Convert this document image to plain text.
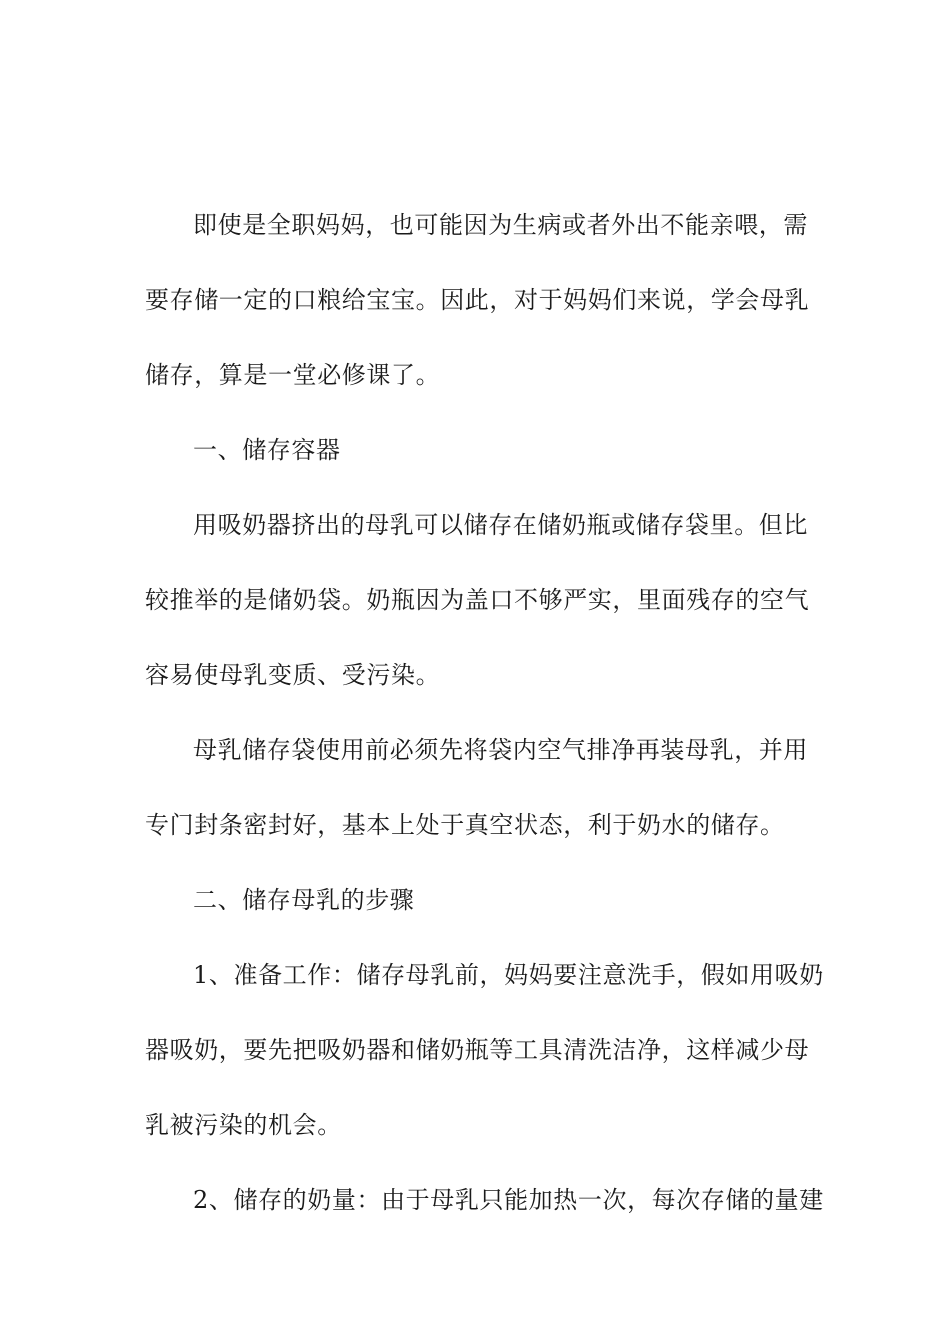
即使是全职妈妈，也可能因为生病或者外出不能亲喂，需

要存储一定的口粮给宝宝。因此，对于妈妈们来说，学会母乳

储存，算是一堂必修课了。

一、储存容器

用吸奶器挤出的母乳可以储存在储奶瓶或储存袋里。但比

较推举的是储奶袋。奶瓶因为盖口不够严实，里面残存的空气

容易使母乳变质、受污染。

母乳储存袋使用前必须先将袋内空气排净再装母乳，并用

专门封条密封好，基本上处于真空状态，利于奶水的储存。

二、储存母乳的步骤

1、准备工作：储存母乳前，妈妈要注意洗手，假如用吸奶

器吸奶，要先把吸奶器和储奶瓶等工具清洗洁净，这样减少母

乳被污染的机会。

2、储存的奶量：由于母乳只能加热一次，每次存储的量建
